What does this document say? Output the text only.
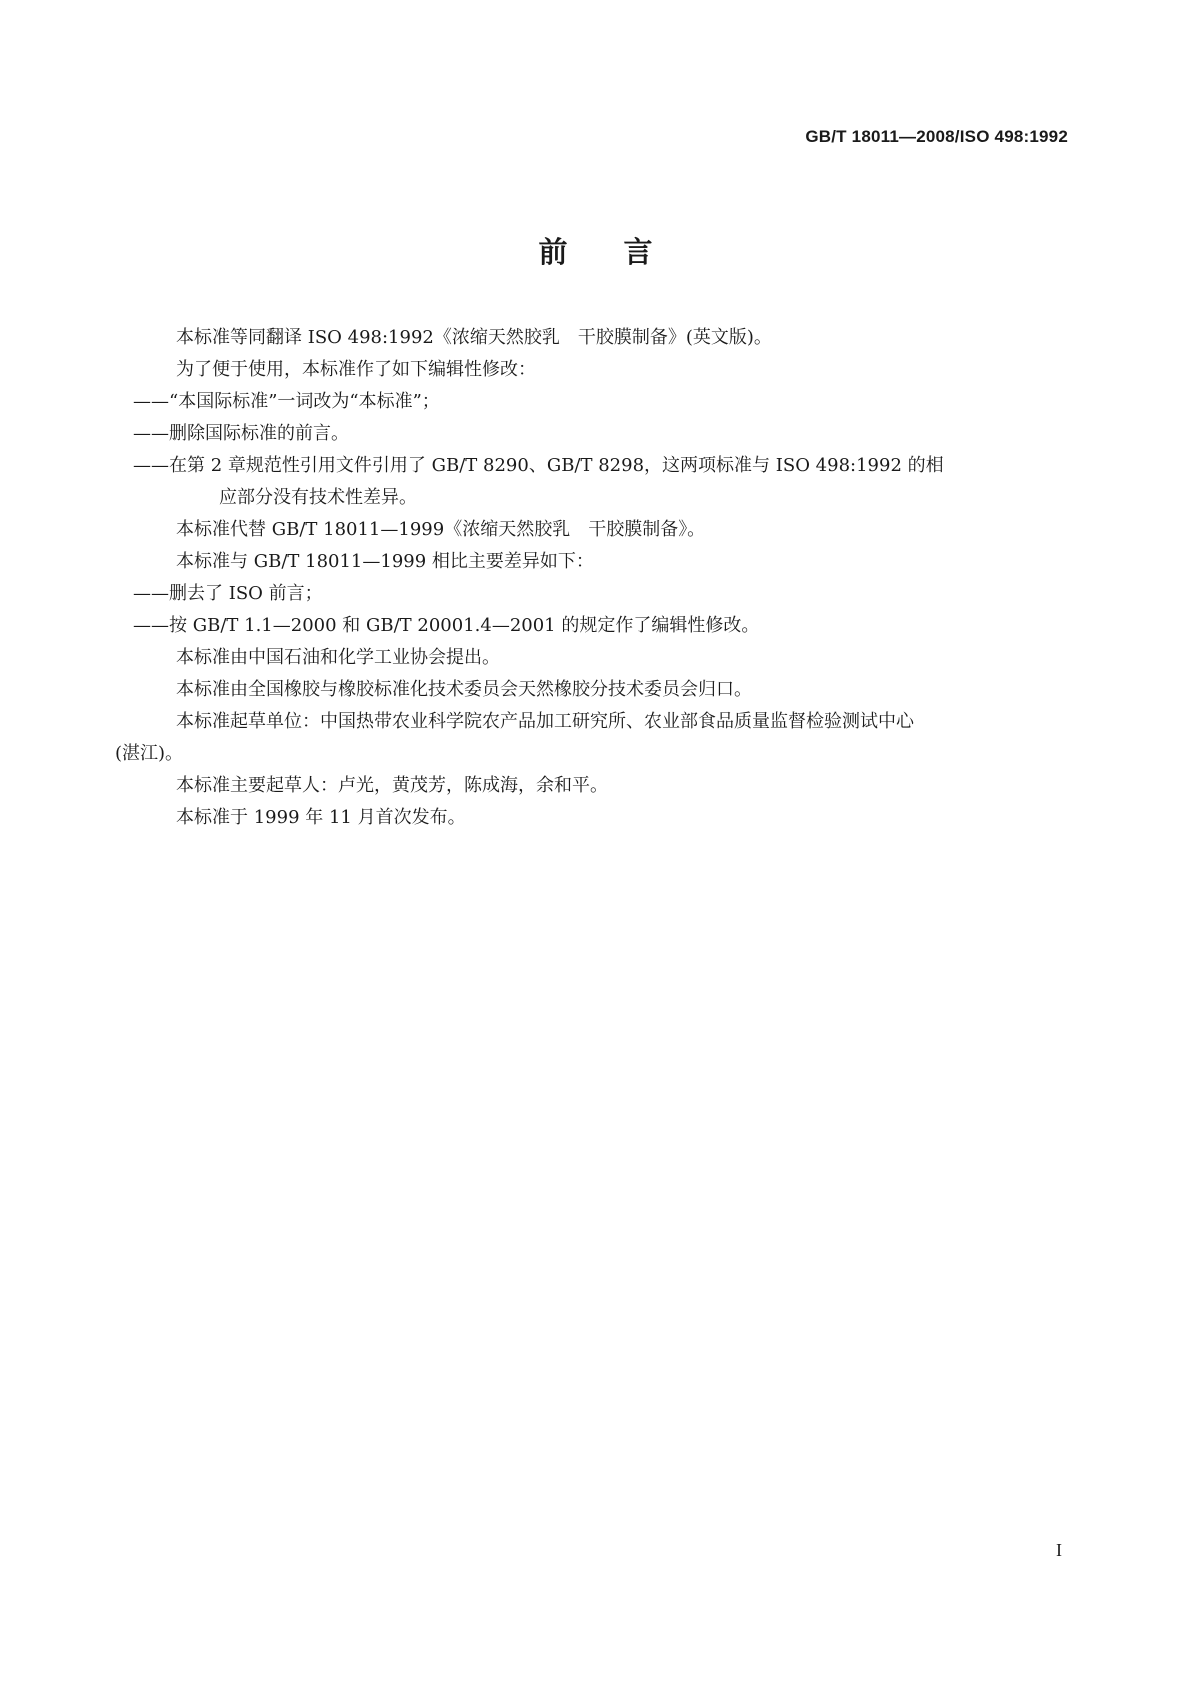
GB/T 18011—2008/ISO 498:1992
前言

本标准等同翻译 ISO 498:1992《浓缩天然胶乳　干胶膜制备》(英文版)。

为了便于使用，本标准作了如下编辑性修改：

——“本国际标准”一词改为“本标准”；

——删除国际标准的前言。

——在第 2 章规范性引用文件引用了 GB/T 8290、GB/T 8298，这两项标准与 ISO 498:1992 的相

应部分没有技术性差异。

本标准代替 GB/T 18011—1999《浓缩天然胶乳　干胶膜制备》。

本标准与 GB/T 18011—1999 相比主要差异如下：

——删去了 ISO 前言；

——按 GB/T 1.1—2000 和 GB/T 20001.4—2001 的规定作了编辑性修改。

本标准由中国石油和化学工业协会提出。

本标准由全国橡胶与橡胶标准化技术委员会天然橡胶分技术委员会归口。

本标准起草单位：中国热带农业科学院农产品加工研究所、农业部食品质量监督检验测试中心

(湛江)。

本标准主要起草人：卢光，黄茂芳，陈成海，余和平。

本标准于 1999 年 11 月首次发布。

I
